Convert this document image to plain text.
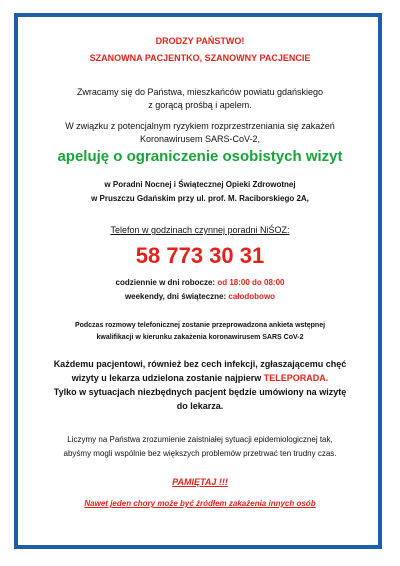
DRODZY PAŃSTWO!
SZANOWNA PACJENTKO, SZANOWNY PACJENCIE
Zwracamy się do Państwa, mieszkańców powiatu gdańskiego
z gorącą prośbą i apelem.
W związku z potencjalnym ryzykiem rozprzestrzeniania się zakażeń
Koronawirusem SARS-CoV-2,
apeluję o ograniczenie osobistych wizyt
w Poradni Nocnej i Świątecznej Opieki Zdrowotnej
w Pruszczu Gdańskim przy ul. prof. M. Raciborskiego 2A,
Telefon w godzinach czynnej poradni NiŚOZ:
58 773 30 31
codziennie w dni robocze: od 18:00 do 08:00
weekendy, dni świąteczne: całodobowo
Podczas rozmowy telefonicznej zostanie przeprowadzona ankieta wstępnej
kwalifikacji w kierunku zakażenia koronawirusem SARS CoV-2
Każdemu pacjentowi, również bez cech infekcji, zgłaszającemu chęć
wizyty u lekarza udzielona zostanie najpierw TELEPORADA.
Tylko w sytuacjach niezbędnych pacjent będzie umówiony na wizytę
do lekarza.
Liczymy na Państwa zrozumienie zaistniałej sytuacji epidemiologicznej tak,
abyśmy mogli wspólnie bez większych problemów przetrwać ten trudny czas.
PAMIĘTAJ !!!
Nawet jeden chory może być źródłem zakażenia innych osób
